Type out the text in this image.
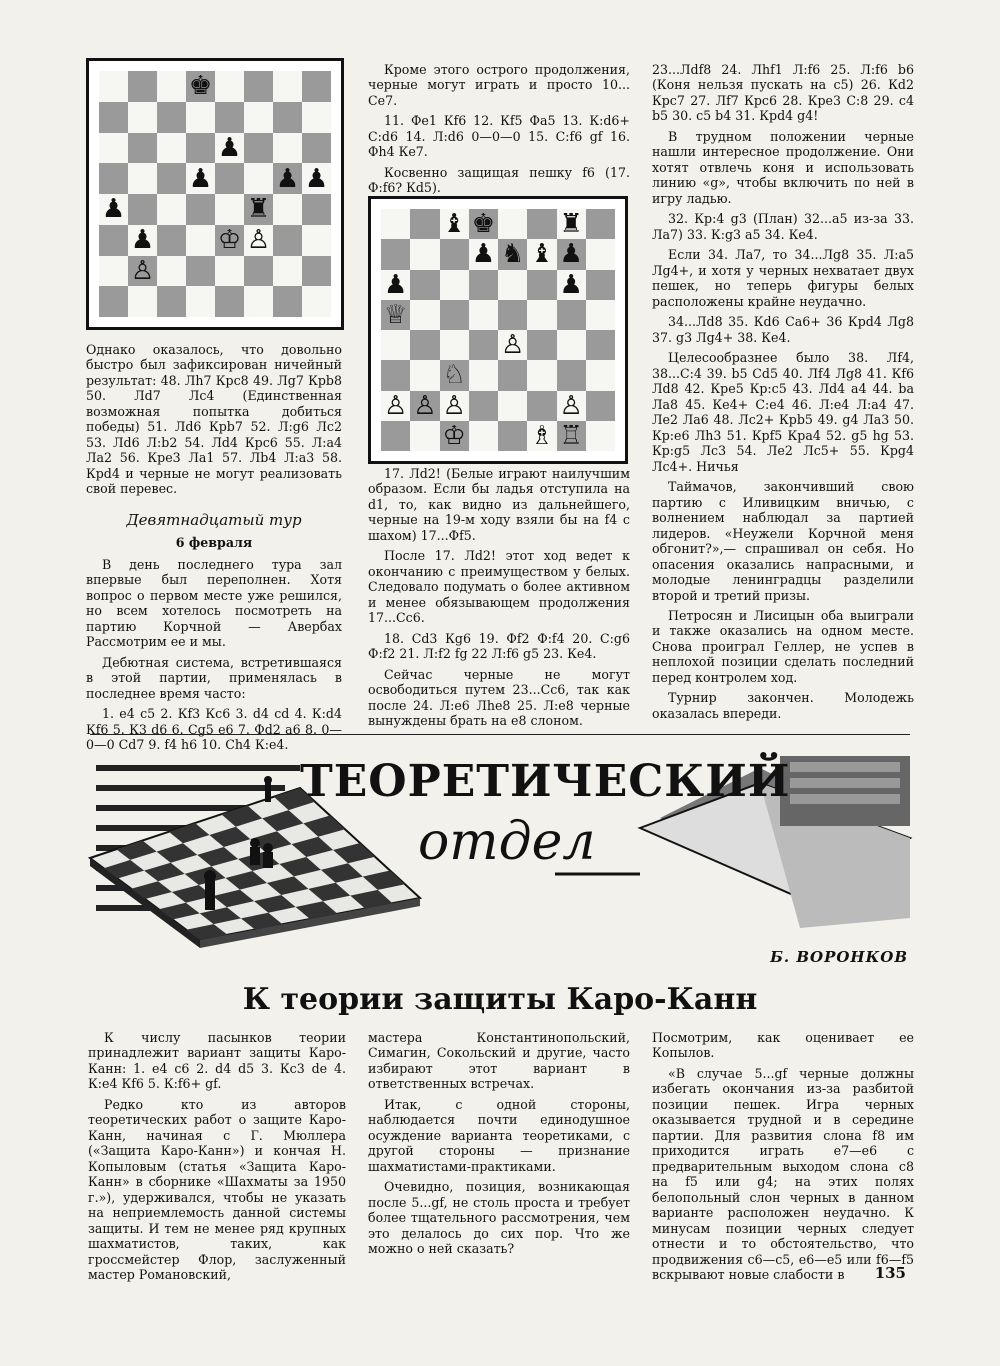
♚
♟
♟ ♟ ♟
♟	♜
♟ ♔ ♙
♙

Однако оказалось, что довольно быстро был зафиксирован ничейный результат: 48. Лh7 Крс8 49. Лg7 Крb8 50. Лd7 Лс4 (Единственная возможная попытка добиться победы) 51. Лd6 Крb7 52. Л:g6 Лс2 53. Лd6 Л:b2 54. Лd4 Крс6 55. Л:а4 Ла2 56. Кре3 Ла1 57. Лb4 Л:а3 58. Крd4 и черные не могут реализовать свой перевес.

Девятнадцатый тур
6 февраля

В день последнего тура зал впервые был переполнен. Хотя вопрос о первом месте уже решился, но всем хотелось посмотреть на партию Корчной — Авербах Рассмотрим ее и мы.

Дебютная система, встретившаяся в этой партии, применялась в последнее время часто:

1. е4 с5 2. Кf3 Кс6 3. d4 cd 4. К:d4 Кf6 5. К3 d6 6. Сg5 е6 7. Фd2 а6 8. 0—0—0 Сd7 9. f4 h6 10. Сh4 К:е4.

Кроме этого острого продолжения, черные могут играть и просто 10... Се7.

11. Фе1 Кf6 12. Кf5 Фа5 13. К:d6+ С:d6 14. Л:d6 0—0—0 15. С:f6 gf 16. Фh4 Ке7.

Косвенно защищая пешку f6 (17. Ф:f6? Кd5).

♝ ♚ ♜
♟ ♞ ♝ ♟
♟	♟
♕
♙
♘
♙ ♙ ♙	♙
♔ ♗ ♖

17. Лd2! (Белые играют наилучшим образом. Если бы ладья отступила на d1, то, как видно из дальнейшего, черные на 19-м ходу взяли бы на f4 с шахом) 17...Фf5.

После 17. Лd2! этот ход ведет к окончанию с преимуществом у белых. Следовало подумать о более активном и менее обязывающем продолжения 17...Сс6.

18. Сd3 Кg6 19. Фf2 Ф:f4 20. С:g6 Ф:f2 21. Л:f2 fg 22 Л:f6 g5 23. Ке4.

Сейчас черные не могут освободиться путем 23...Сс6, так как после 24. Л:е6 Лhе8 25. Л:е8 черные вынуждены брать на е8 слоном.

23...Лdf8 24. Лhf1 Л:f6 25. Л:f6 b6 (Коня нельзя пускать на с5) 26. Кd2 Крс7 27. Лf7 Крс6 28. Кре3 С:8 29. с4 b5 30. с5 b4 31. Крd4 g4!

В трудном положении черные нашли интересное продолжение. Они хотят отвлечь коня и использовать линию «g», чтобы включить по ней в игру ладью.

32. Кр:4 g3 (План) 32...а5 из-за 33. Ла7) 33. К:g3 а5 34. Ке4.

Если 34. Ла7, то 34...Лg8 35. Л:а5 Лg4+, и хотя у черных нехватает двух пешек, но теперь фигуры белых расположены крайне неудачно.

34...Лd8 35. Кd6 Са6+ 36 Крd4 Лg8 37. g3 Лg4+ 38. Ке4.

Целесообразнее было 38. Лf4, 38...С:4 39. b5 Сd5 40. Лf4 Лg8 41. Кf6 Лd8 42. Кре5 Кр:с5 43. Лd4 а4 44. bа Ла8 45. Ке4+ С:е4 46. Л:е4 Л:а4 47. Ле2 Ла6 48. Лс2+ Крb5 49. g4 Ла3 50. Кр:е6 Лh3 51. Крf5 Кра4 52. g5 hg 53. Кр:g5 Лс3 54. Ле2 Лс5+ 55. Крg4 Лс4+. Ничья

Таймачов, закончивший свою партию с Иливицким вничью, с волнением наблюдал за партией лидеров. «Неужели Корчной меня обгонит?»,— спрашивал он себя. Но опасения оказались напрасными, и молодые ленинградцы разделили второй и третий призы.

Петросян и Лисицын оба выиграли и также оказались на одном месте. Снова проиграл Геллер, не успев в неплохой позиции сделать последний перед контролем ход.

Турнир закончен. Молодежь оказалась впереди.

ТЕОРЕТИЧЕСКИЙ
отдел
Б. ВОРОНКОВ
К теории защиты Каро-Канн

К числу пасынков теории принадлежит вариант защиты Каро-Канн: 1. е4 с6 2. d4 d5 3. Кс3 dе 4. К:е4 Кf6 5. К:f6+ gf.

Редко кто из авторов теоретических работ о защите Каро-Канн, начиная с Г. Мюллера («Защита Каро-Канн») и кончая Н. Копыловым (статья «Защита Каро-Канн» в сборнике «Шахматы за 1950 г.»), удерживался, чтобы не указать на неприемлемость данной системы защиты. И тем не менее ряд крупных шахматистов, таких, как гроссмейстер Флор, заслуженный мастер Романовский,

мастера Константинопольский, Симагин, Сокольский и другие, часто избирают этот вариант в ответственных встречах.

Итак, с одной стороны, наблюдается почти единодушное осуждение варианта теоретиками, с другой стороны — признание шахматистами-практиками.

Очевидно, позиция, возникающая после 5...gf, не столь проста и требует более тщательного рассмотрения, чем это делалось до сих пор. Что же можно о ней сказать?

Посмотрим, как оценивает ее Копылов.

«В случае 5...gf черные должны избегать окончания из-за разбитой позиции пешек. Игра черных оказывается трудной и в середине партии. Для развития слона f8 им приходится играть е7—е6 с предварительным выходом слона с8 на f5 или g4; на этих полях белопольный слон черных в данном варианте расположен неудачно. К минусам позиции черных следует отнести и то обстоятельство, что продвижения с6—с5, е6—е5 или f6—f5 вскрывают новые слабости в	135
